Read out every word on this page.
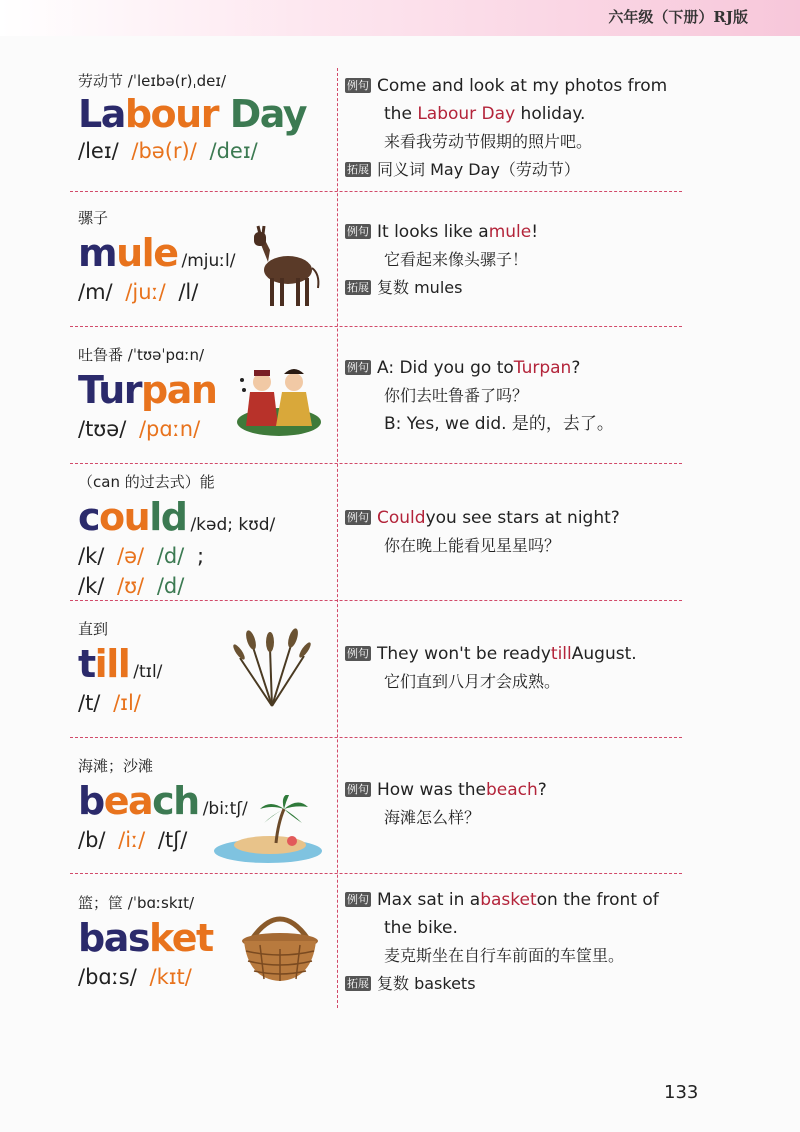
六年级（下册）RJ版
劳动节 /ˈleɪbə(r)ˌdeɪ/
Labour Day
/leɪ/ /bə(r)/ /deɪ/
例句 Come and look at my photos from
the Labour Day holiday.
来看我劳动节假期的照片吧。
拓展 同义词 May Day（劳动节）
骡子
mule /mjuːl/
/m/ /juː/ /l/
例句 It looks like a mule !
它看起来像头骡子！
拓展 复数 mules
吐鲁番 /ˈtʊəˈpɑːn/
Turpan
/tʊə/ /pɑːn/
例句 A: Did you go to Turpan ?
你们去吐鲁番了吗？
B: Yes, we did. 是的，去了。
（can 的过去式）能
could /kəd; kʊd/
/k/ /ə/ /d/ ;
/k/ /ʊ/ /d/
例句 Could you see stars at night?
你在晚上能看见星星吗？
直到
till /tɪl/
/t/ /ɪl/
例句 They won't be ready till August.
它们直到八月才会成熟。
海滩；沙滩
beach /biːtʃ/
/b/ /iː/ /tʃ/
例句 How was the beach ?
海滩怎么样？
篮；筐 /ˈbɑːskɪt/
basket
/bɑːs/ /kɪt/
例句 Max sat in a basket on the front of
the bike.
麦克斯坐在自行车前面的车筐里。
拓展 复数 baskets
133
